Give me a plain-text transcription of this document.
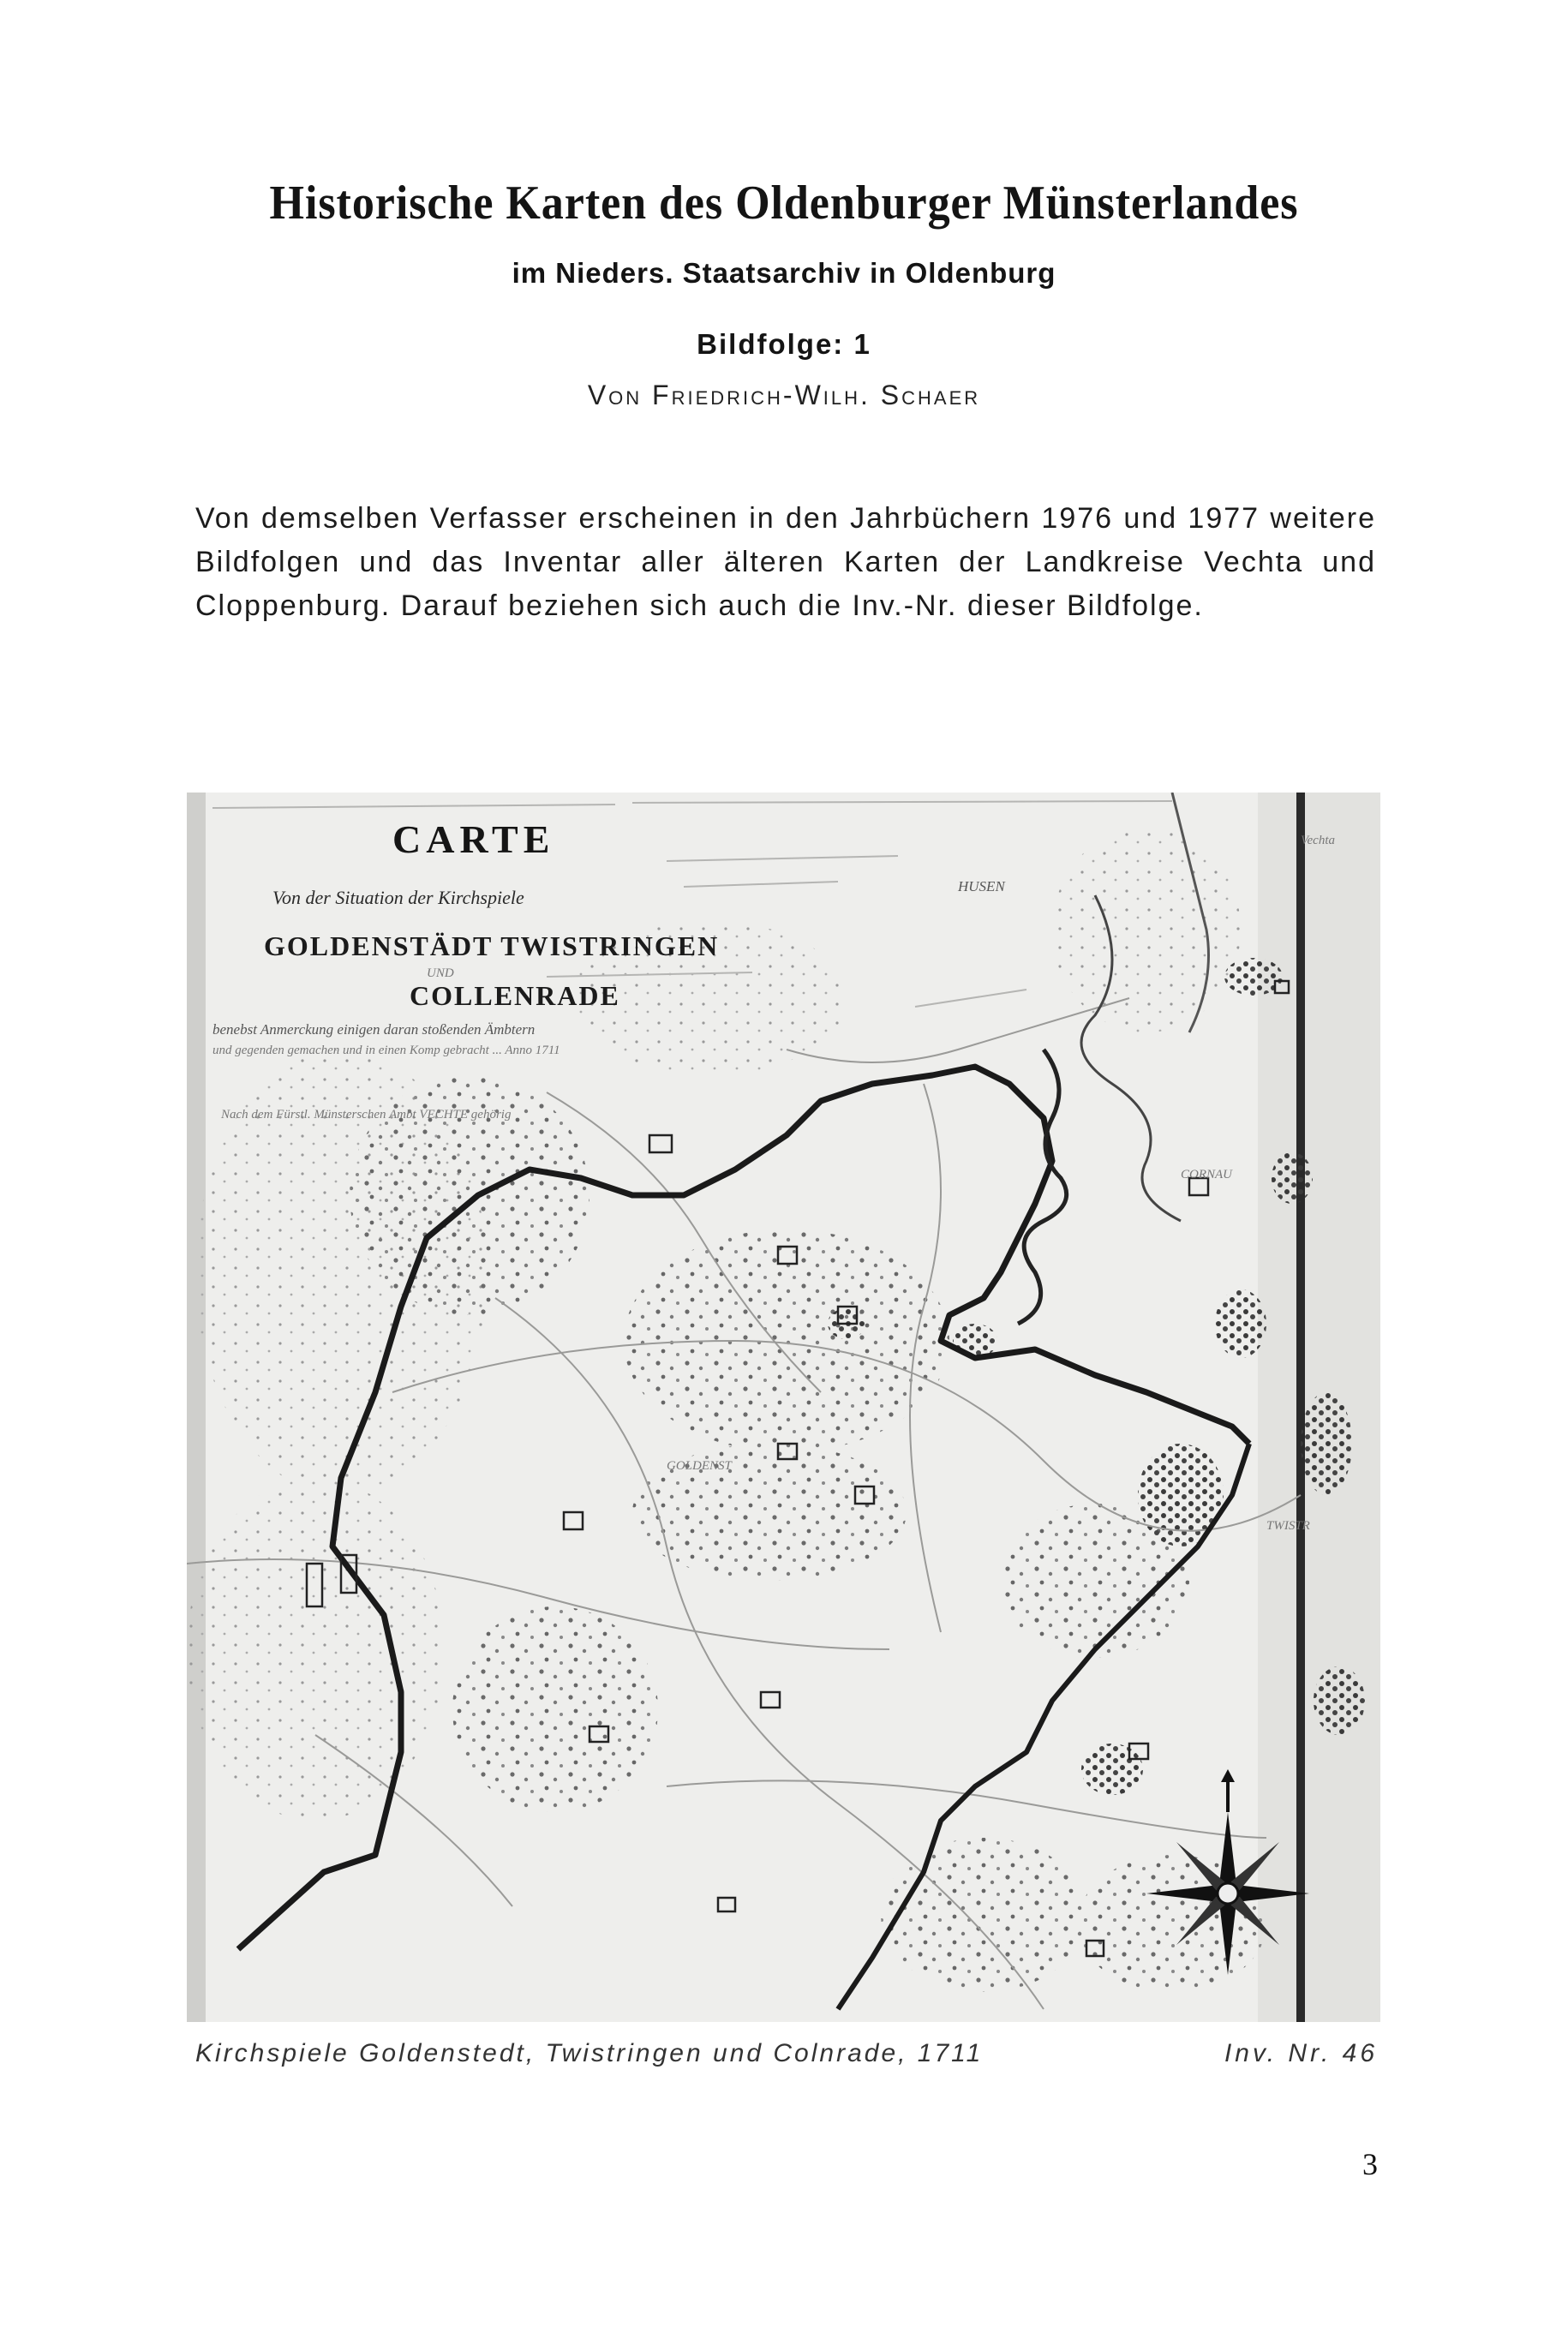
Historische Karten des Oldenburger Münsterlandes
im Nieders. Staatsarchiv in Oldenburg
Bildfolge: 1
Von Friedrich-Wilh. Schaer
Von demselben Verfasser erscheinen in den Jahrbüchern 1976 und 1977 weitere Bildfolgen und das Inventar aller älteren Karten der Landkreise Vechta und Cloppenburg. Darauf beziehen sich auch die Inv.-Nr. dieser Bildfolge.
CARTE
Von der Situation der Kirchspiele
GOLDENSTÄDT TWISTRINGEN
UND
COLLENRADE
benebst Anmerckung einigen daran stoßenden Ämbtern
und gegenden gemachen und in einen Komp gebracht ... Anno 1711
Nach dem Fürstl. Münsterschen Ambt VECHTE gehörig
HUSEN
CORNAU
GOLDENST
Vechta
TWISTR
Kirchspiele Goldenstedt, Twistringen und Colnrade, 1711	Inv. Nr. 46
3
